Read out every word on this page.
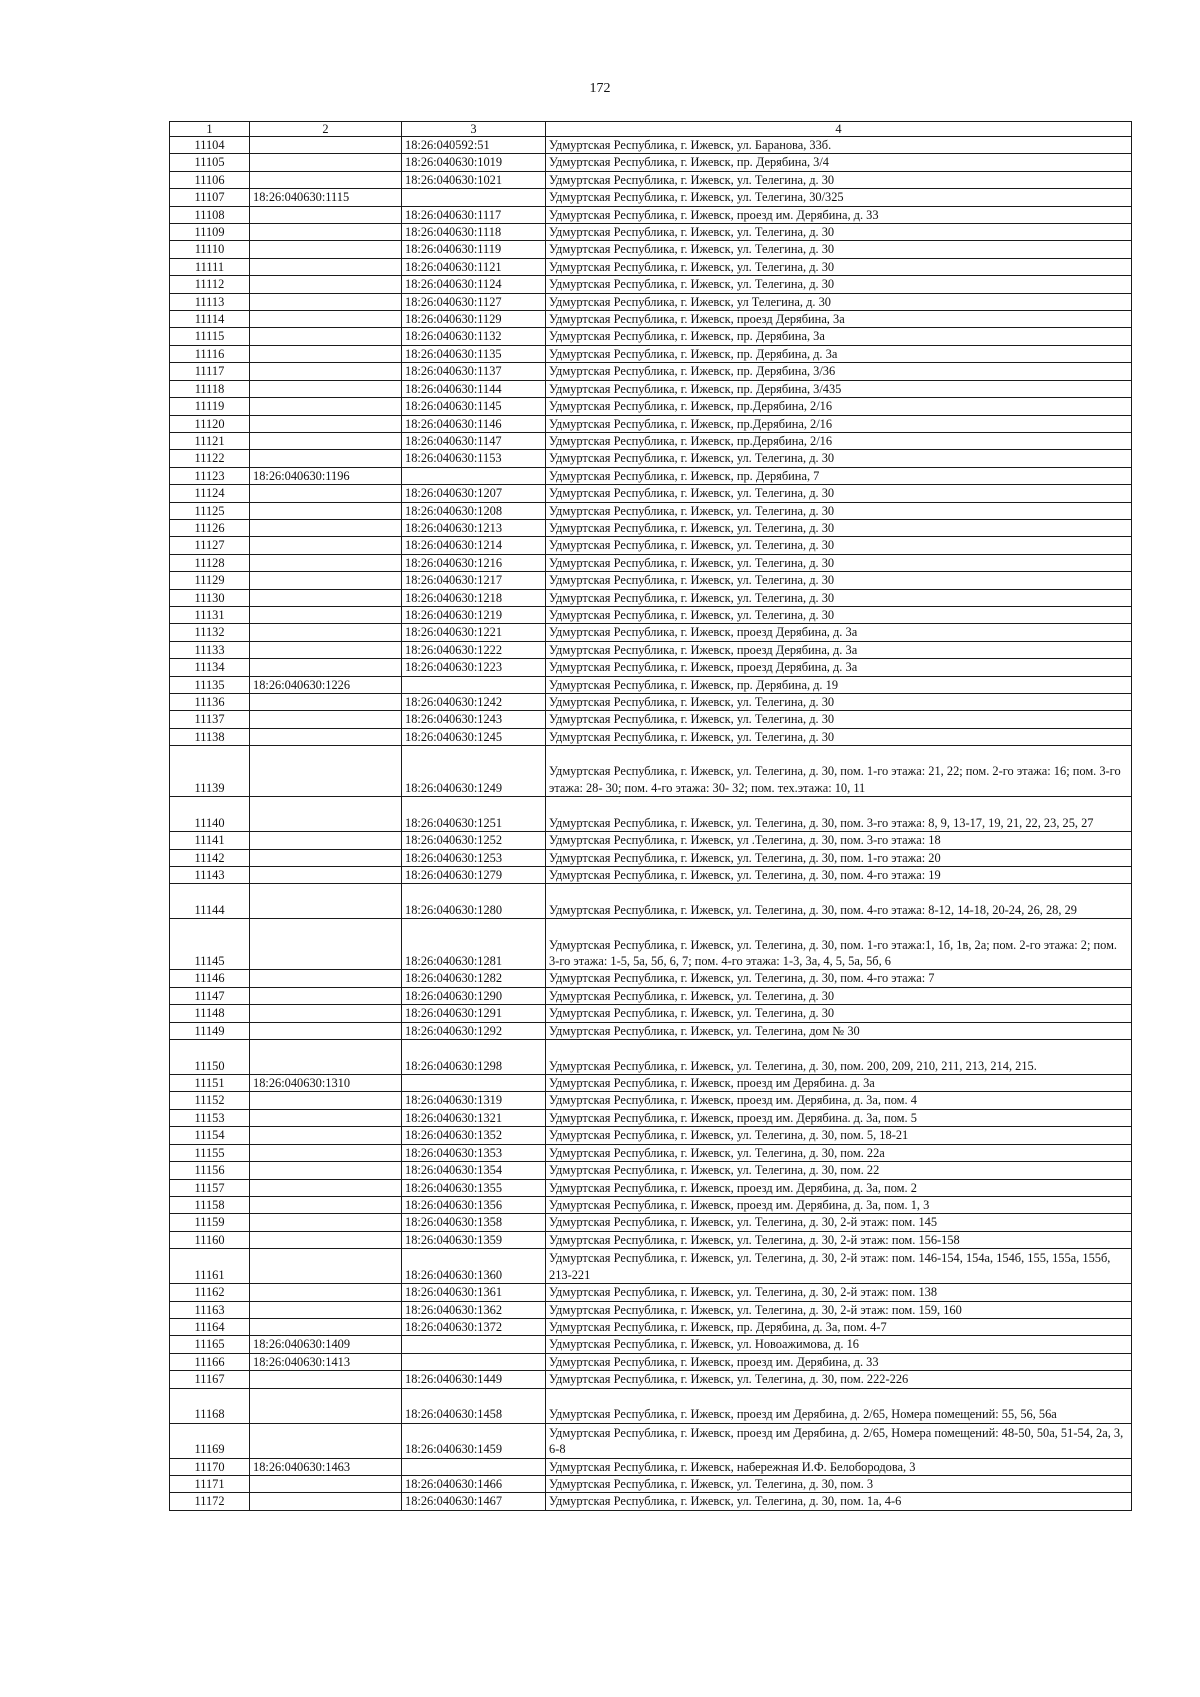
172
1	2	3	4
11104		18:26:040592:51	Удмуртская Республика, г. Ижевск, ул. Баранова, 33б.
11105		18:26:040630:1019	Удмуртская Республика, г. Ижевск, пр. Дерябина, 3/4
11106		18:26:040630:1021	Удмуртская Республика, г. Ижевск, ул. Телегина, д. 30
11107	18:26:040630:1115		Удмуртская Республика, г. Ижевск, ул. Телегина, 30/325
11108		18:26:040630:1117	Удмуртская Республика, г. Ижевск, проезд им. Дерябина, д. 33
11109		18:26:040630:1118	Удмуртская Республика, г. Ижевск, ул. Телегина, д. 30
11110		18:26:040630:1119	Удмуртская Республика, г. Ижевск, ул. Телегина, д. 30
11111		18:26:040630:1121	Удмуртская Республика, г. Ижевск, ул. Телегина, д. 30
11112		18:26:040630:1124	Удмуртская Республика, г. Ижевск, ул. Телегина, д. 30
11113		18:26:040630:1127	Удмуртская Республика, г. Ижевск, ул Телегина, д. 30
11114		18:26:040630:1129	Удмуртская Республика, г. Ижевск, проезд Дерябина, 3а
11115		18:26:040630:1132	Удмуртская Республика, г. Ижевск, пр. Дерябина, 3а
11116		18:26:040630:1135	Удмуртская Республика, г. Ижевск, пр. Дерябина, д. 3а
11117		18:26:040630:1137	Удмуртская Республика, г. Ижевск, пр. Дерябина, 3/36
11118		18:26:040630:1144	Удмуртская Республика, г. Ижевск, пр. Дерябина, 3/435
11119		18:26:040630:1145	Удмуртская Республика, г. Ижевск, пр.Дерябина, 2/16
11120		18:26:040630:1146	Удмуртская Республика, г. Ижевск, пр.Дерябина, 2/16
11121		18:26:040630:1147	Удмуртская Республика, г. Ижевск, пр.Дерябина, 2/16
11122		18:26:040630:1153	Удмуртская Республика, г. Ижевск, ул. Телегина, д. 30
11123	18:26:040630:1196		Удмуртская Республика, г. Ижевск, пр. Дерябина, 7
11124		18:26:040630:1207	Удмуртская Республика, г. Ижевск, ул. Телегина, д. 30
11125		18:26:040630:1208	Удмуртская Республика, г. Ижевск, ул. Телегина, д. 30
11126		18:26:040630:1213	Удмуртская Республика, г. Ижевск, ул. Телегина, д. 30
11127		18:26:040630:1214	Удмуртская Республика, г. Ижевск, ул. Телегина, д. 30
11128		18:26:040630:1216	Удмуртская Республика, г. Ижевск, ул. Телегина, д. 30
11129		18:26:040630:1217	Удмуртская Республика, г. Ижевск, ул. Телегина, д. 30
11130		18:26:040630:1218	Удмуртская Республика, г. Ижевск, ул. Телегина, д. 30
11131		18:26:040630:1219	Удмуртская Республика, г. Ижевск, ул. Телегина, д. 30
11132		18:26:040630:1221	Удмуртская Республика, г. Ижевск, проезд Дерябина, д. 3а
11133		18:26:040630:1222	Удмуртская Республика, г. Ижевск, проезд Дерябина, д. 3а
11134		18:26:040630:1223	Удмуртская Республика, г. Ижевск, проезд Дерябина, д. 3а
11135	18:26:040630:1226		Удмуртская Республика, г. Ижевск, пр. Дерябина, д. 19
11136		18:26:040630:1242	Удмуртская Республика, г. Ижевск, ул. Телегина, д. 30
11137		18:26:040630:1243	Удмуртская Республика, г. Ижевск, ул. Телегина, д. 30
11138		18:26:040630:1245	Удмуртская Республика, г. Ижевск, ул. Телегина, д. 30
11139		18:26:040630:1249	Удмуртская Республика, г. Ижевск, ул. Телегина, д. 30, пом. 1-го этажа: 21, 22; пом. 2-го этажа: 16; пом. 3-го этажа: 28- 30; пом. 4-го этажа: 30- 32; пом. тех.этажа: 10, 11
11140		18:26:040630:1251	Удмуртская Республика, г. Ижевск, ул. Телегина, д. 30, пом. 3-го этажа: 8, 9, 13-17, 19, 21, 22, 23, 25, 27
11141		18:26:040630:1252	Удмуртская Республика, г. Ижевск, ул .Телегина, д. 30, пом. 3-го этажа: 18
11142		18:26:040630:1253	Удмуртская Республика, г. Ижевск, ул. Телегина, д. 30, пом. 1-го этажа: 20
11143		18:26:040630:1279	Удмуртская Республика, г. Ижевск, ул. Телегина, д. 30, пом. 4-го этажа: 19
11144		18:26:040630:1280	Удмуртская Республика, г. Ижевск, ул. Телегина, д. 30, пом. 4-го этажа: 8-12, 14-18, 20-24, 26, 28, 29
11145		18:26:040630:1281	Удмуртская Республика, г. Ижевск, ул. Телегина, д. 30, пом. 1-го этажа:1, 1б, 1в, 2а; пом. 2-го этажа: 2; пом. 3-го этажа: 1-5, 5а, 5б, 6, 7; пом. 4-го этажа: 1-3, 3а, 4, 5, 5а, 5б, 6
11146		18:26:040630:1282	Удмуртская Республика, г. Ижевск, ул. Телегина, д. 30, пом. 4-го этажа: 7
11147		18:26:040630:1290	Удмуртская Республика, г. Ижевск, ул. Телегина, д. 30
11148		18:26:040630:1291	Удмуртская Республика, г. Ижевск, ул. Телегина, д. 30
11149		18:26:040630:1292	Удмуртская Республика, г. Ижевск, ул. Телегина, дом № 30
11150		18:26:040630:1298	Удмуртская Республика, г. Ижевск, ул. Телегина, д. 30, пом. 200, 209, 210, 211, 213, 214, 215.
11151	18:26:040630:1310		Удмуртская Республика, г. Ижевск, проезд им Дерябина. д. 3а
11152		18:26:040630:1319	Удмуртская Республика, г. Ижевск, проезд им. Дерябина, д. 3а, пом. 4
11153		18:26:040630:1321	Удмуртская Республика, г. Ижевск, проезд им. Дерябина. д. 3а, пом. 5
11154		18:26:040630:1352	Удмуртская Республика, г. Ижевск, ул. Телегина, д. 30, пом. 5, 18-21
11155		18:26:040630:1353	Удмуртская Республика, г. Ижевск, ул. Телегина, д. 30, пом. 22а
11156		18:26:040630:1354	Удмуртская Республика, г. Ижевск, ул. Телегина, д. 30, пом. 22
11157		18:26:040630:1355	Удмуртская Республика, г. Ижевск, проезд им. Дерябина, д. 3а, пом. 2
11158		18:26:040630:1356	Удмуртская Республика, г. Ижевск, проезд им. Дерябина, д. 3а, пом. 1, 3
11159		18:26:040630:1358	Удмуртская Республика, г. Ижевск, ул. Телегина, д. 30, 2-й этаж: пом. 145
11160		18:26:040630:1359	Удмуртская Республика, г. Ижевск, ул. Телегина, д. 30, 2-й этаж: пом. 156-158
11161		18:26:040630:1360	Удмуртская Республика, г. Ижевск, ул. Телегина, д. 30, 2-й этаж: пом. 146-154, 154а, 154б, 155, 155а, 155б, 213-221
11162		18:26:040630:1361	Удмуртская Республика, г. Ижевск, ул. Телегина, д. 30, 2-й этаж: пом. 138
11163		18:26:040630:1362	Удмуртская Республика, г. Ижевск, ул. Телегина, д. 30, 2-й этаж: пом. 159, 160
11164		18:26:040630:1372	Удмуртская Республика, г. Ижевск, пр. Дерябина, д. 3а, пом. 4-7
11165	18:26:040630:1409		Удмуртская Республика, г. Ижевск, ул. Новоажимова, д. 16
11166	18:26:040630:1413		Удмуртская Республика, г. Ижевск, проезд им. Дерябина, д. 33
11167		18:26:040630:1449	Удмуртская Республика, г. Ижевск, ул. Телегина, д. 30, пом. 222-226
11168		18:26:040630:1458	Удмуртская Республика, г. Ижевск, проезд им Дерябина, д. 2/65, Номера помещений: 55, 56, 56а
11169		18:26:040630:1459	Удмуртская Республика, г. Ижевск, проезд им Дерябина, д. 2/65, Номера помещений: 48-50, 50а, 51-54, 2а, 3, 6-8
11170	18:26:040630:1463		Удмуртская Республика, г. Ижевск, набережная И.Ф. Белобородова, 3
11171		18:26:040630:1466	Удмуртская Республика, г. Ижевск, ул. Телегина, д. 30, пом. 3
11172		18:26:040630:1467	Удмуртская Республика, г. Ижевск, ул. Телегина, д. 30, пом. 1а, 4-6
